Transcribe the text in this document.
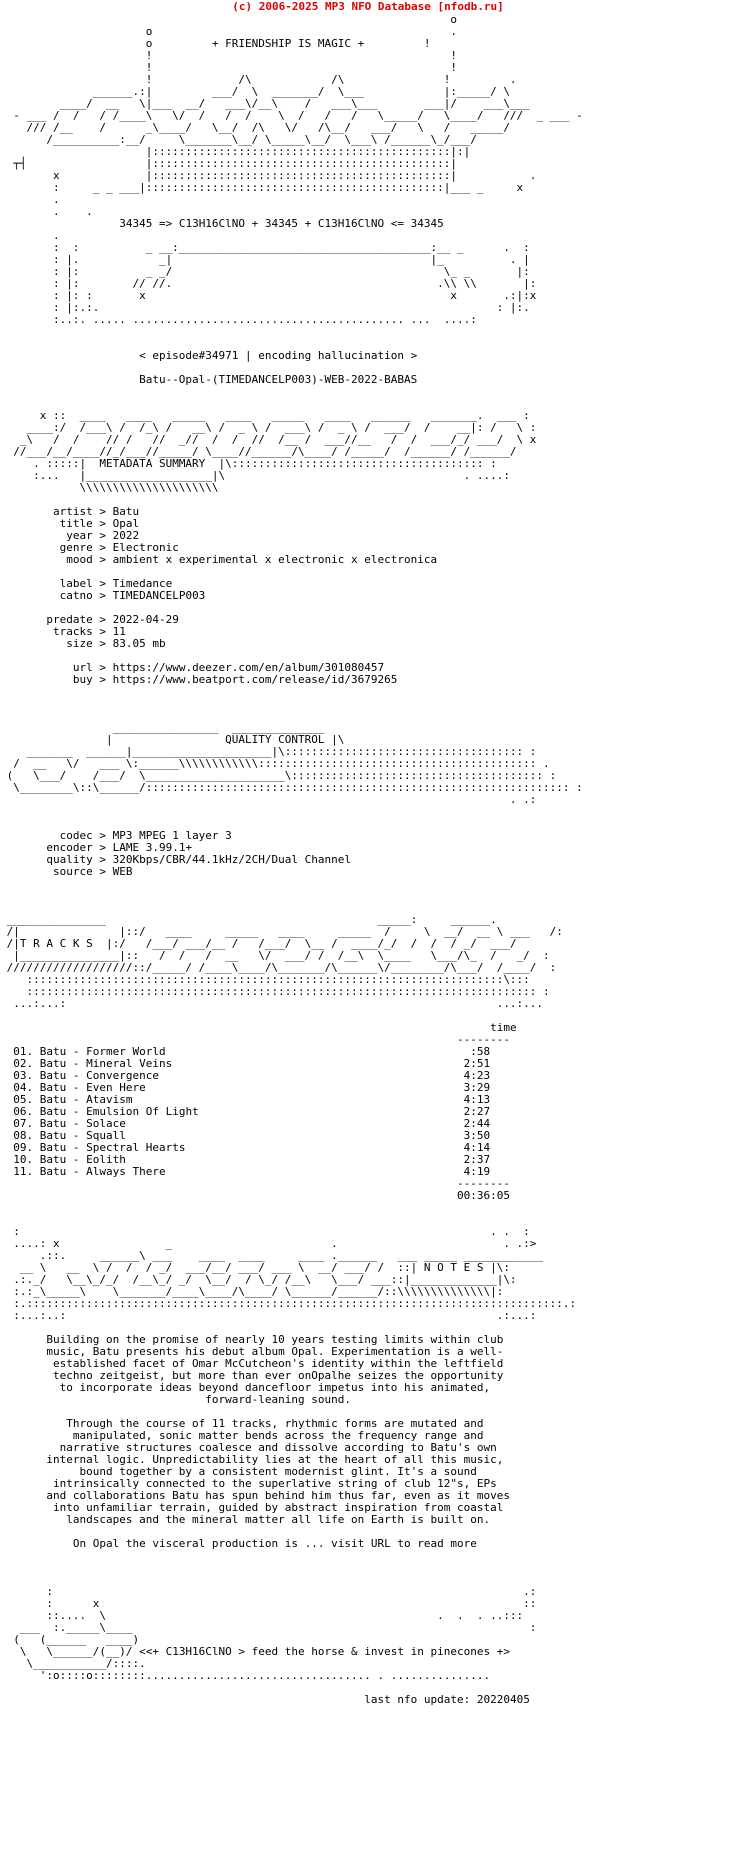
(c) 2006-2025 MP3 NFO Database [nfodb.ru]
o
o                                             .
o         + FRIENDSHIP IS MAGIC +         !
!                                             !
!                                             !
!             /\            /\               !         .
______.:|         ___/  \  _______/  \___            |:_____/ \
____/  __   \|___  __/   ___\/__\    /   ___\___       ___|/    ___\___
- ___ /  /   / /____\   \/  /   /  /    \  /   /   /   \_____/   \____/   ///  _ ___ -
/// /__    /      _\____/   \__/  /\   \/   /\__/   ___/   \   /   _____/
/__________:__/     \_______\__/ \_____\__/  \___\ /______\_/___/
|:::::::::::::::::::::::::::::::::::::::::::::|:|
┬┤                  |:::::::::::::::::::::::::::::::::::::::::::::|
x             |:::::::::::::::::::::::::::::::::::::::::::::|           .
:     _ _ ___|:::::::::::::::::::::::::::::::::::::::::::::|___ _     x
.
.    .
34345 => C13H16ClNO + 34345 + C13H16ClNO <= 34345
.
:  :          _ __:______________________________________:__ _      .  :
: |.            _|                                       |_          . |
: |:          _ _/                                         \_ _       |:
: |:        // //.                                        .\\ \\       |:
: |: :       x                                              x       .:|:x
: |:.:.                                                            : |:.
:..:. ..... ......................................... ...  ....:

< episode#34971 | encoding hallucination >

Batu--Opal-(TIMEDANCELP003)-WEB-2022-BABAS

x ::  ____   ____   _____   ____   _____   ____   ______   _______.  ___ :
____:/  /___\ /  /_\ /   __\ /  _ \ /  ___\ /  _ \ /  ___/  /    __|: /   \ :
_\   /  /    // /   //  _//  /  /  //  /__ /  ___//__   /  /  ___/_/ ___/  \ x
//___/__/____//_/___//_____/ \____//______/\____/ /_____/  /______/ /______/
. :::::|  METADATA SUMMARY  |\:::::::::::::::::::::::::::::::::::::: :
:...   |___________________|\                                    . ....:
\\\\\\\\\\\\\\\\\\\\\

artist > Batu
title > Opal
year > 2022
genre > Electronic
mood > ambient x experimental x electronic x electronica

label > Timedance
catno > TIMEDANCELP003

predate > 2022-04-29
tracks > 11
size > 83.05 mb

url > https://www.deezer.com/en/album/301080457
buy > https://www.beatport.com/release/id/3679265

________________  ______________
|                 QUALITY CONTROL |\
_______  ______|_____________________|\:::::::::::::::::::::::::::::::::::: :
/  __   \/   ___ \:______\\\\\\\\\\\\:::::::::::::::::::::::::::::::::::::::::: .
(   \___/    /___/  \_____________________\:::::::::::::::::::::::::::::::::::::: :
\________\::\______/:::::::::::::::::::::::::::::::::::::::::::::::::::::::::::::::: :
. .:

codec > MP3 MPEG 1 layer 3
encoder > LAME 3.99.1+
quality > 320Kbps/CBR/44.1kHz/2CH/Dual Channel
source > WEB

_______________                                         _____:     ______.
/|               |::/   ____     _____   ____     _____  /     \  __/  __ \ ___   /:
/|T R A C K S  |:/   /___/ ___/__ /   /___/  \__ /  ____/_/  /  /  / _/  ___/
|_______________|::   /  /   /  __   \/  ___/ /  /__\  \____   \___/\_  /   _/  :
///////////////////::/_____/ /____\____/\_______/\______\/________/\___/  /____/  :
::::::::::::::::::::::::::::::::::::::::::::::::::::::::::::::::::::::::\:::
::::::::::::::::::::::::::::::::::::::::::::::::::::::::::::::::::::::::::::: :
...:...:                                                                 ...:...

time
--------
01. Batu - Former World	:58
02. Batu - Mineral Veins	2:51
03. Batu - Convergence	4:23
04. Batu - Even Here	3:29
05. Batu - Atavism	4:13
06. Batu - Emulsion Of Light	2:27
07. Batu - Solace	2:44
08. Batu - Squall	3:50
09. Batu - Spectral Hearts	4:14
10. Batu - Eolith	2:37
11. Batu - Always There	4:19
--------
00:36:05

:                                                                       . .  :
....: x                _                        .                         . .:>
.::.     ______\ ___    ____  ____     ____ .______   ___ _____ ____________
__ \   __  \ /  /  / _/  ___/__/ ___/ ___ \  __/ ___/ /  ::| N O T E S |\:
.:._/   \__\_/_/  /__\_/ _/  \__/  / \_/ /__\   \___/ ___::|_____________|\:
:.:_\_____\    \_______/____\____/\____/ \______/______/::\\\\\\\\\\\\\\|:
:.:::::::::::::::::::::::::::::::::::::::::::::::::::::::::::::::::::::::::::::::::.:
:...:..:                                                                 .:...:

Building on the promise of nearly 10 years testing limits within club
music, Batu presents his debut album Opal. Experimentation is a well-
established facet of Omar McCutcheon's identity within the leftfield
techno zeitgeist, but more than ever onOpalhe seizes the opportunity
to incorporate ideas beyond dancefloor impetus into his animated,
forward-leaning sound.

Through the course of 11 tracks, rhythmic forms are mutated and
manipulated, sonic matter bends across the frequency range and
narrative structures coalesce and dissolve according to Batu's own
internal logic. Unpredictability lies at the heart of all this music,
bound together by a consistent modernist glint. It's a sound
intrinsically connected to the superlative string of club 12"s, EPs
and collaborations Batu has spun behind him thus far, even as it moves
into unfamiliar terrain, guided by abstract inspiration from coastal
landscapes and the mineral matter all life on Earth is built on.

On Opal the visceral production is ... visit URL to read more

:                                                                       .:
:      x                                                                ::
::....  \                                                  .  .  . ..:::
___  :._____\____                                                            :
(   (______   ____)
\   \______/(__)/ <<+ C13H16ClNO > feed the horse & invest in pinecones +>
\___________/::::.
':o::::o::::::::.................................. . ...............

last nfo update: 20220405
